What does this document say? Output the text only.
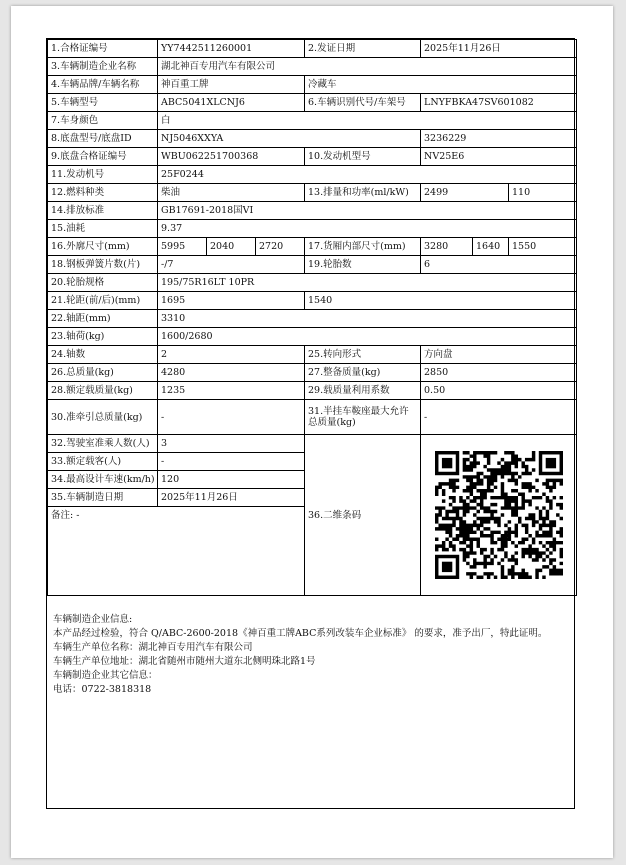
1.合格证编号	YY7442511260001			2.发证日期	2025年11月26日		
3.车辆制造企业名称	湖北神百专用汽车有限公司						
4.车辆品牌/车辆名称	神百重工牌			冷藏车			
5.车辆型号	ABC5041XLCNJ6			6.车辆识别代号/车架号	LNYFBKA47SV601082		
7.车身颜色	白						
8.底盘型号/底盘ID	NJ5046XXYA				3236229		
9.底盘合格证编号	WBU062251700368			10.发动机型号	NV25E6		
11.发动机号	25F0244						
12.燃料种类	柴油			13.排量和功率(ml/kW)	2499		110
14.排放标准	GB17691-2018国VI						
15.油耗	9.37						
16.外廓尺寸(mm)	5995	2040	2720	17.货厢内部尺寸(mm)	3280	1640	1550
18.钢板弹簧片数(片)	-/7			19.轮胎数	6		
20.轮胎规格	195/75R16LT 10PR						
21.轮距(前/后)(mm)	1695			1540			
22.轴距(mm)	3310						
23.轴荷(kg)	1600/2680						
24.轴数	2			25.转向形式	方向盘		
26.总质量(kg)	4280			27.整备质量(kg)	2850		
28.额定载质量(kg)	1235			29.载质量利用系数	0.50		
30.准牵引总质量(kg)	-			31.半挂车鞍座最大允许总质量(kg)	-		
32.驾驶室准乘人数(人)	3			36.二维条码	

33.额定载客(人)	-						
34.最高设计车速(km/h)	120						
35.车辆制造日期	2025年11月26日						
备注: -							
车辆制造企业信息:
本产品经过检验，符合 Q/ABC-2600-2018《神百重工牌ABC系列改装车企业标准》 的要求，准予出厂，特此证明。
车辆生产单位名称：湖北神百专用汽车有限公司
车辆生产单位地址：湖北省随州市随州大道东北侧明珠北路1号
车辆制造企业其它信息：
电话：0722-3818318
